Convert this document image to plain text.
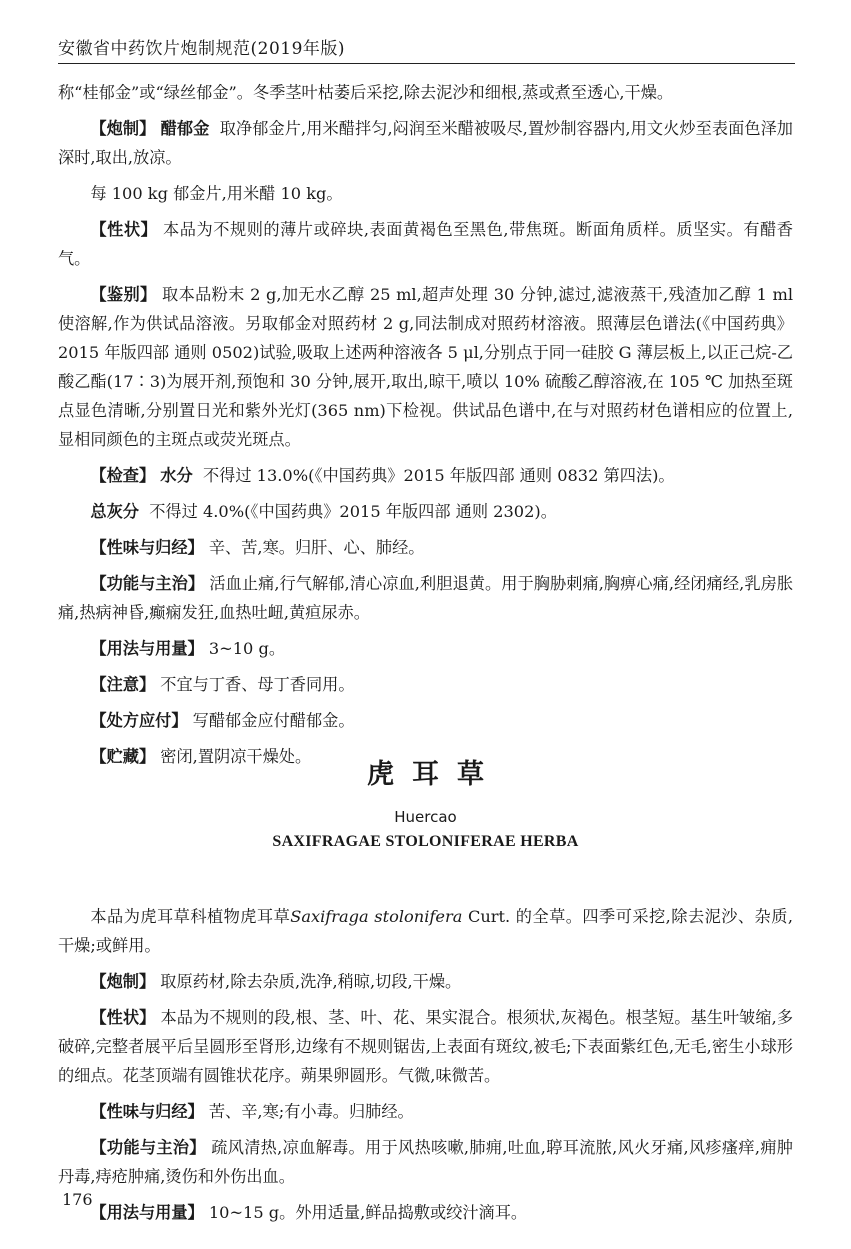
安徽省中药饮片炮制规范(2019年版)

称“桂郁金”或“绿丝郁金”。冬季茎叶枯萎后采挖,除去泥沙和细根,蒸或煮至透心,干燥。

【炮制】 醋郁金 取净郁金片,用米醋拌匀,闷润至米醋被吸尽,置炒制容器内,用文火炒至表面色泽加深时,取出,放凉。

每 100 kg 郁金片,用米醋 10 kg。

【性状】 本品为不规则的薄片或碎块,表面黄褐色至黑色,带焦斑。断面角质样。质坚实。有醋香气。

【鉴别】 取本品粉末 2 g,加无水乙醇 25 ml,超声处理 30 分钟,滤过,滤液蒸干,残渣加乙醇 1 ml 使溶解,作为供试品溶液。另取郁金对照药材 2 g,同法制成对照药材溶液。照薄层色谱法(《中国药典》2015 年版四部 通则 0502)试验,吸取上述两种溶液各 5 μl,分别点于同一硅胶 G 薄层板上,以正己烷-乙酸乙酯(17∶3)为展开剂,预饱和 30 分钟,展开,取出,晾干,喷以 10% 硫酸乙醇溶液,在 105 ℃ 加热至斑点显色清晰,分别置日光和紫外光灯(365 nm)下检视。供试品色谱中,在与对照药材色谱相应的位置上,显相同颜色的主斑点或荧光斑点。

【检查】 水分 不得过 13.0%(《中国药典》2015 年版四部 通则 0832 第四法)。

总灰分 不得过 4.0%(《中国药典》2015 年版四部 通则 2302)。

【性味与归经】 辛、苦,寒。归肝、心、肺经。

【功能与主治】 活血止痛,行气解郁,清心凉血,利胆退黄。用于胸胁刺痛,胸痹心痛,经闭痛经,乳房胀痛,热病神昏,癫痫发狂,血热吐衄,黄疸尿赤。

【用法与用量】 3~10 g。

【注意】 不宜与丁香、母丁香同用。

【处方应付】 写醋郁金应付醋郁金。

【贮藏】 密闭,置阴凉干燥处。

虎耳草
Huercao
SAXIFRAGAE STOLONIFERAE HERBA

本品为虎耳草科植物虎耳草Saxifraga stolonifera Curt. 的全草。四季可采挖,除去泥沙、杂质,干燥;或鲜用。

【炮制】 取原药材,除去杂质,洗净,稍晾,切段,干燥。

【性状】 本品为不规则的段,根、茎、叶、花、果实混合。根须状,灰褐色。根茎短。基生叶皱缩,多破碎,完整者展平后呈圆形至肾形,边缘有不规则锯齿,上表面有斑纹,被毛;下表面紫红色,无毛,密生小球形的细点。花茎顶端有圆锥状花序。蒴果卵圆形。气微,味微苦。

【性味与归经】 苦、辛,寒;有小毒。归肺经。

【功能与主治】 疏风清热,凉血解毒。用于风热咳嗽,肺痈,吐血,聤耳流脓,风火牙痛,风疹瘙痒,痈肿丹毒,痔疮肿痛,烫伤和外伤出血。

【用法与用量】 10~15 g。外用适量,鲜品捣敷或绞汁滴耳。

176
